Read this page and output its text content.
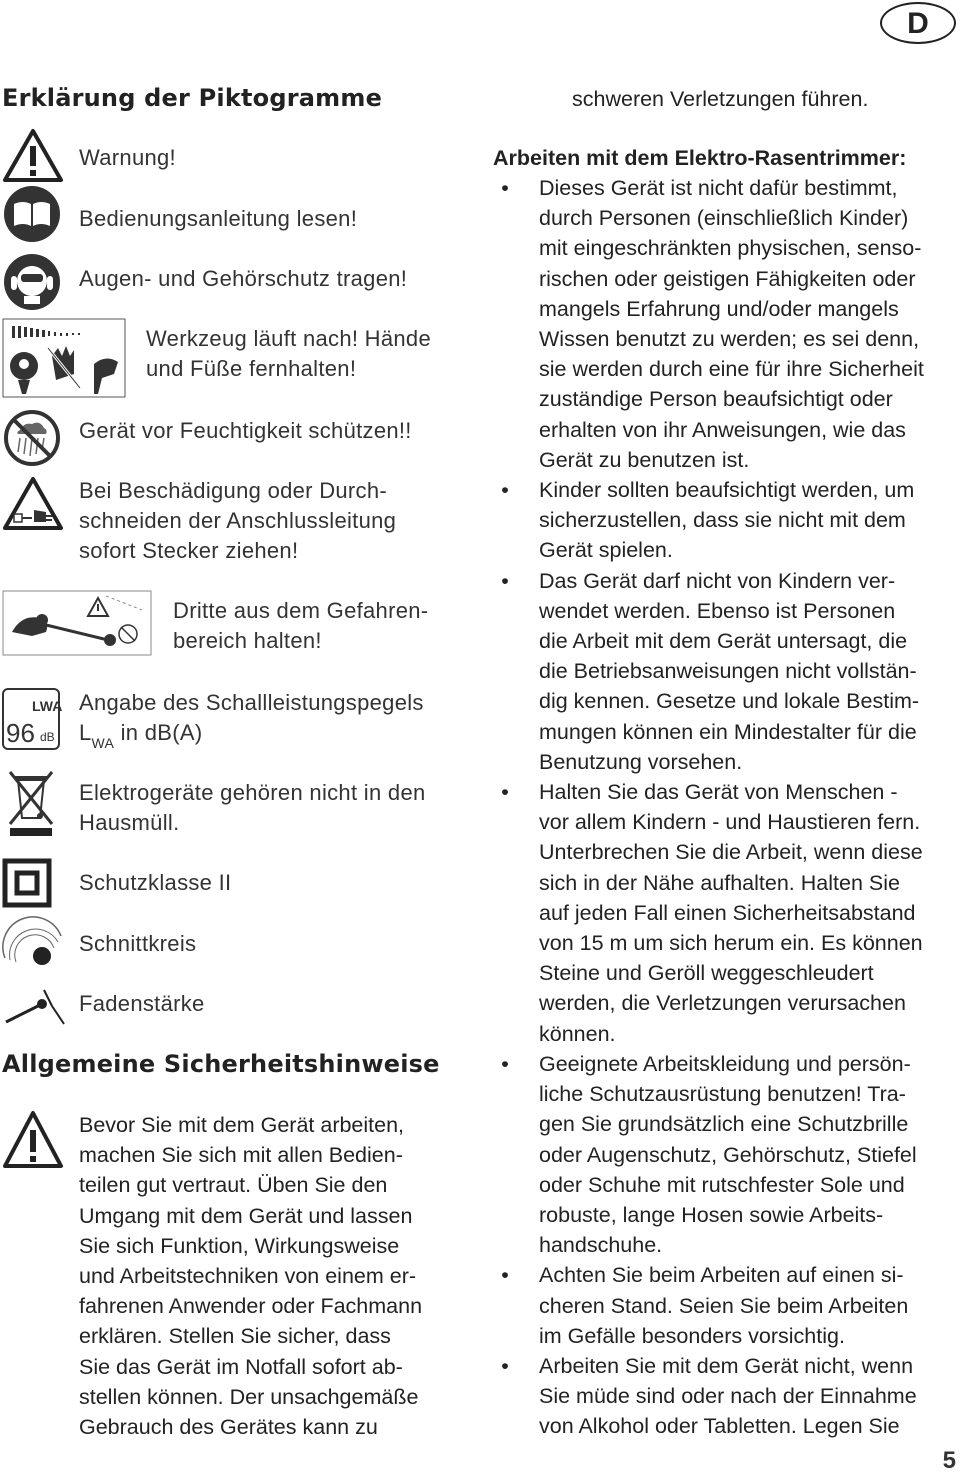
D
Erklärung der Piktogramme
Warnung!
Bedienungsanleitung lesen!
Augen- und Gehörschutz tragen!
Werkzeug läuft nach! Hände
und Füße fernhalten!
Gerät vor Feuchtigkeit schützen!!
Bei Beschädigung oder Durch-
schneiden der Anschlussleitung
sofort Stecker ziehen!
Dritte aus dem Gefahren-
bereich halten!
LWA
96 dB
Angabe des Schallleistungspegels
$L_{WA}$ in dB(A)
Elektrogeräte gehören nicht in den
Hausmüll.
Schutzklasse II
Schnittkreis
Fadenstärke
Allgemeine Sicherheitshinweise
Bevor Sie mit dem Gerät arbeiten,
machen Sie sich mit allen Bedien-
teilen gut vertraut. Üben Sie den
Umgang mit dem Gerät und lassen
Sie sich Funktion, Wirkungsweise
und Arbeitstechniken von einem er-
fahrenen Anwender oder Fachmann
erklären. Stellen Sie sicher, dass
Sie das Gerät im Notfall sofort ab-
stellen können. Der unsachgemäße
Gebrauch des Gerätes kann zu
schweren Verletzungen führen.
Arbeiten mit dem Elektro-Rasentrimmer:
• Dieses Gerät ist nicht dafür bestimmt,
durch Personen (einschließlich Kinder)
mit eingeschränkten physischen, senso-
rischen oder geistigen Fähigkeiten oder
mangels Erfahrung und/oder mangels
Wissen benutzt zu werden; es sei denn,
sie werden durch eine für ihre Sicherheit
zuständige Person beaufsichtigt oder
erhalten von ihr Anweisungen, wie das
Gerät zu benutzen ist.
• Kinder sollten beaufsichtigt werden, um
sicherzustellen, dass sie nicht mit dem
Gerät spielen.
• Das Gerät darf nicht von Kindern ver-
wendet werden. Ebenso ist Personen
die Arbeit mit dem Gerät untersagt, die
die Betriebsanweisungen nicht vollstän-
dig kennen. Gesetze und lokale Bestim-
mungen können ein Mindestalter für die
Benutzung vorsehen.
• Halten Sie das Gerät von Menschen -
vor allem Kindern - und Haustieren fern.
Unterbrechen Sie die Arbeit, wenn diese
sich in der Nähe aufhalten. Halten Sie
auf jeden Fall einen Sicherheitsabstand
von 15 m um sich herum ein. Es können
Steine und Geröll weggeschleudert
werden, die Verletzungen verursachen
können.
• Geeignete Arbeitskleidung und persön-
liche Schutzausrüstung benutzen! Tra-
gen Sie grundsätzlich eine Schutzbrille
oder Augenschutz, Gehörschutz, Stiefel
oder Schuhe mit rutschfester Sole und
robuste, lange Hosen sowie Arbeits-
handschuhe.
• Achten Sie beim Arbeiten auf einen si-
cheren Stand. Seien Sie beim Arbeiten
im Gefälle besonders vorsichtig.
• Arbeiten Sie mit dem Gerät nicht, wenn
Sie müde sind oder nach der Einnahme
von Alkohol oder Tabletten. Legen Sie
5
